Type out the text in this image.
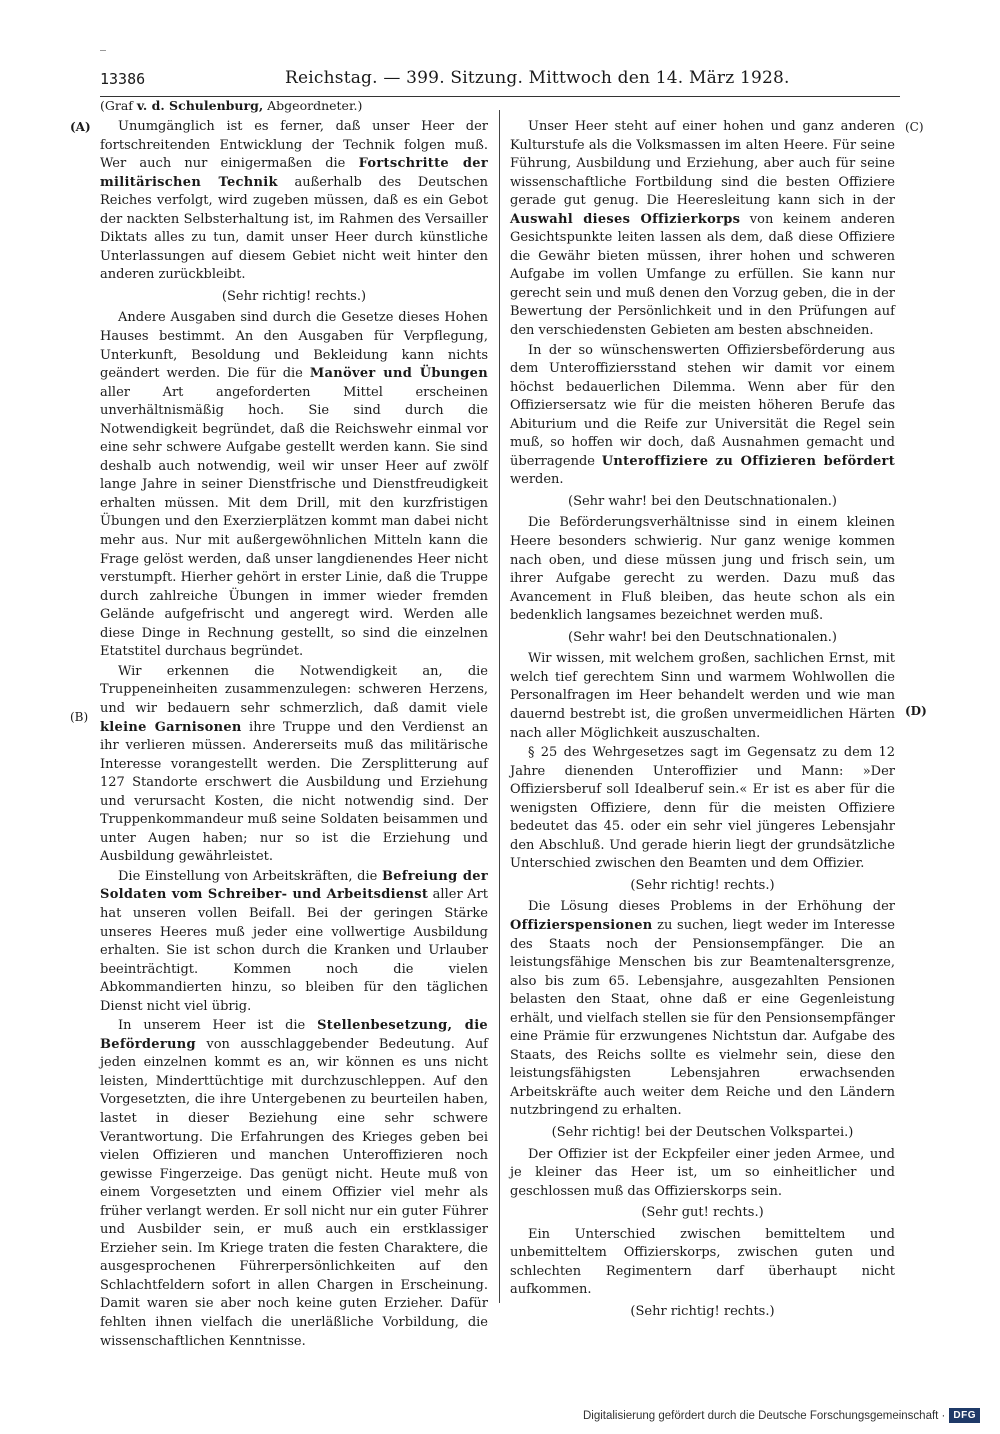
13386	Reichstag. — 399. Sitzung. Mittwoch den 14. März 1928.
(Graf v. d. Schulenburg, Abgeordneter.)
(A)
(B)
(C)
(D)

Unumgänglich ist es ferner, daß unser Heer der fortschreitenden Entwicklung der Technik folgen muß. Wer auch nur einigermaßen die Fortschritte der militärischen Technik außerhalb des Deutschen Reiches verfolgt, wird zugeben müssen, daß es ein Gebot der nackten Selbsterhaltung ist, im Rahmen des Versailler Diktats alles zu tun, damit unser Heer durch künstliche Unterlassungen auf diesem Gebiet nicht weit hinter den anderen zurückbleibt.

(Sehr richtig! rechts.)

Andere Ausgaben sind durch die Gesetze dieses Hohen Hauses bestimmt. An den Ausgaben für Verpflegung, Unterkunft, Besoldung und Bekleidung kann nichts geändert werden. Die für die Manöver und Übungen aller Art angeforderten Mittel erscheinen unverhältnismäßig hoch. Sie sind durch die Notwendigkeit begründet, daß die Reichswehr einmal vor eine sehr schwere Aufgabe gestellt werden kann. Sie sind deshalb auch notwendig, weil wir unser Heer auf zwölf lange Jahre in seiner Dienstfrische und Dienstfreudigkeit erhalten müssen. Mit dem Drill, mit den kurzfristigen Übungen und den Exerzierplätzen kommt man dabei nicht mehr aus. Nur mit außergewöhnlichen Mitteln kann die Frage gelöst werden, daß unser langdienendes Heer nicht verstumpft. Hierher gehört in erster Linie, daß die Truppe durch zahlreiche Übungen in immer wieder fremden Gelände aufgefrischt und angeregt wird. Werden alle diese Dinge in Rechnung gestellt, so sind die einzelnen Etatstitel durchaus begründet.

Wir erkennen die Notwendigkeit an, die Truppeneinheiten zusammenzulegen: schweren Herzens, und wir bedauern sehr schmerzlich, daß damit viele kleine Garnisonen ihre Truppe und den Verdienst an ihr verlieren müssen. Andererseits muß das militärische Interesse vorangestellt werden. Die Zersplitterung auf 127 Standorte erschwert die Ausbildung und Erziehung und verursacht Kosten, die nicht notwendig sind. Der Truppenkommandeur muß seine Soldaten beisammen und unter Augen haben; nur so ist die Erziehung und Ausbildung gewährleistet.

Die Einstellung von Arbeitskräften, die Befreiung der Soldaten vom Schreiber- und Arbeitsdienst aller Art hat unseren vollen Beifall. Bei der geringen Stärke unseres Heeres muß jeder eine vollwertige Ausbildung erhalten. Sie ist schon durch die Kranken und Urlauber beeinträchtigt. Kommen noch die vielen Abkommandierten hinzu, so bleiben für den täglichen Dienst nicht viel übrig.

In unserem Heer ist die Stellenbesetzung, die Beförderung von ausschlaggebender Bedeutung. Auf jeden einzelnen kommt es an, wir können es uns nicht leisten, Minderttüchtige mit durchzuschleppen. Auf den Vorgesetzten, die ihre Untergebenen zu beurteilen haben, lastet in dieser Beziehung eine sehr schwere Verantwortung. Die Erfahrungen des Krieges geben bei vielen Offizieren und manchen Unteroffizieren noch gewisse Fingerzeige. Das genügt nicht. Heute muß von einem Vorgesetzten und einem Offizier viel mehr als früher verlangt werden. Er soll nicht nur ein guter Führer und Ausbilder sein, er muß auch ein erstklassiger Erzieher sein. Im Kriege traten die festen Charaktere, die ausgesprochenen Führerpersönlichkeiten auf den Schlachtfeldern sofort in allen Chargen in Erscheinung. Damit waren sie aber noch keine guten Erzieher. Dafür fehlten ihnen vielfach die unerläßliche Vorbildung, die wissenschaftlichen Kenntnisse.

Unser Heer steht auf einer hohen und ganz anderen Kulturstufe als die Volksmassen im alten Heere. Für seine Führung, Ausbildung und Erziehung, aber auch für seine wissenschaftliche Fortbildung sind die besten Offiziere gerade gut genug. Die Heeresleitung kann sich in der Auswahl dieses Offizierkorps von keinem anderen Gesichtspunkte leiten lassen als dem, daß diese Offiziere die Gewähr bieten müssen, ihrer hohen und schweren Aufgabe im vollen Umfange zu erfüllen. Sie kann nur gerecht sein und muß denen den Vorzug geben, die in der Bewertung der Persönlichkeit und in den Prüfungen auf den verschiedensten Gebieten am besten abschneiden.

In der so wünschenswerten Offiziersbeförderung aus dem Unteroffiziersstand stehen wir damit vor einem höchst bedauerlichen Dilemma. Wenn aber für den Offiziersersatz wie für die meisten höheren Berufe das Abiturium und die Reife zur Universität die Regel sein muß, so hoffen wir doch, daß Ausnahmen gemacht und überragende Unteroffiziere zu Offizieren befördert werden.

(Sehr wahr! bei den Deutschnationalen.)

Die Beförderungsverhältnisse sind in einem kleinen Heere besonders schwierig. Nur ganz wenige kommen nach oben, und diese müssen jung und frisch sein, um ihrer Aufgabe gerecht zu werden. Dazu muß das Avancement in Fluß bleiben, das heute schon als ein bedenklich langsames bezeichnet werden muß.

(Sehr wahr! bei den Deutschnationalen.)

Wir wissen, mit welchem großen, sachlichen Ernst, mit welch tief gerechtem Sinn und warmem Wohlwollen die Personalfragen im Heer behandelt werden und wie man dauernd bestrebt ist, die großen unvermeidlichen Härten nach aller Möglichkeit auszuschalten.

§ 25 des Wehrgesetzes sagt im Gegensatz zu dem 12 Jahre dienenden Unteroffizier und Mann: »Der Offiziersberuf soll Idealberuf sein.« Er ist es aber für die wenigsten Offiziere, denn für die meisten Offiziere bedeutet das 45. oder ein sehr viel jüngeres Lebensjahr den Abschluß. Und gerade hierin liegt der grundsätzliche Unterschied zwischen den Beamten und dem Offizier.

(Sehr richtig! rechts.)

Die Lösung dieses Problems in der Erhöhung der Offizierspensionen zu suchen, liegt weder im Interesse des Staats noch der Pensionsempfänger. Die an leistungsfähige Menschen bis zur Beamtenaltersgrenze, also bis zum 65. Lebensjahre, ausgezahlten Pensionen belasten den Staat, ohne daß er eine Gegenleistung erhält, und vielfach stellen sie für den Pensionsempfänger eine Prämie für erzwungenes Nichtstun dar. Aufgabe des Staats, des Reichs sollte es vielmehr sein, diese den leistungsfähigsten Lebensjahren erwachsenden Arbeitskräfte auch weiter dem Reiche und den Ländern nutzbringend zu erhalten.

(Sehr richtig! bei der Deutschen Volkspartei.)

Der Offizier ist der Eckpfeiler einer jeden Armee, und je kleiner das Heer ist, um so einheitlicher und geschlossen muß das Offizierskorps sein.

(Sehr gut! rechts.)

Ein Unterschied zwischen bemitteltem und unbemitteltem Offizierskorps, zwischen guten und schlechten Regimentern darf überhaupt nicht aufkommen.

(Sehr richtig! rechts.)

Digitalisierung gefördert durch die Deutsche Forschungsgemeinschaft · DFG
